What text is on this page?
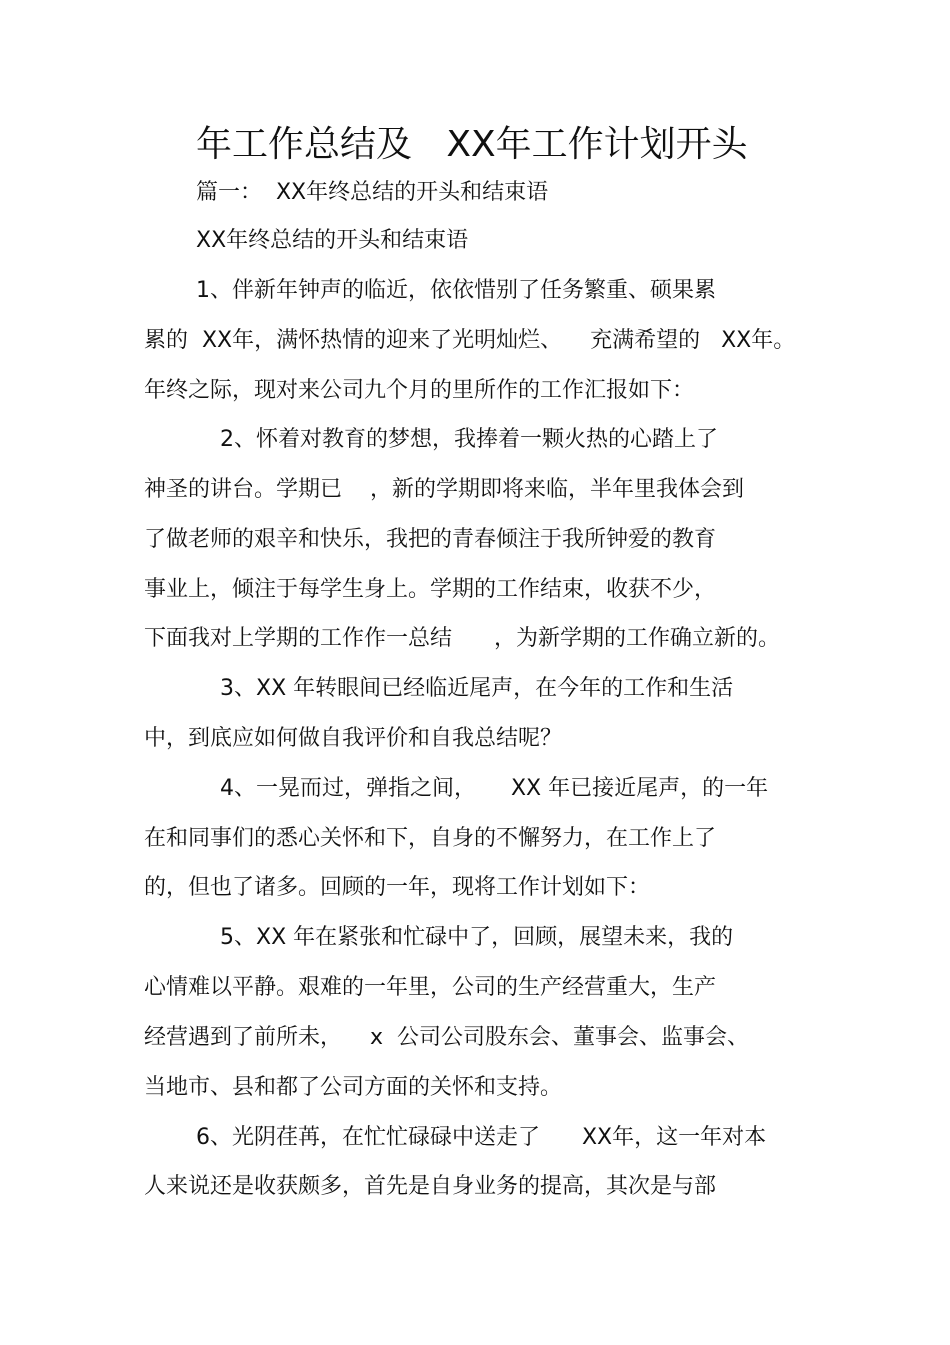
年工作总结及   XX年工作计划开头
篇一：  XX年终总结的开头和结束语
XX年终总结的开头和结束语
1、伴新年钟声的临近，依依惜别了任务繁重、硕果累
累的  XX年，满怀热情的迎来了光明灿烂、    充满希望的   XX年。
年终之际，现对来公司九个月的里所作的工作汇报如下：
2、怀着对教育的梦想，我捧着一颗火热的心踏上了
神圣的讲台。学期已    ，新的学期即将来临，半年里我体会到
了做老师的艰辛和快乐，我把的青春倾注于我所钟爱的教育
事业上，倾注于每学生身上。学期的工作结束，收获不少，
下面我对上学期的工作作一总结      ，为新学期的工作确立新的。
3、XX 年转眼间已经临近尾声，在今年的工作和生活
中，到底应如何做自我评价和自我总结呢？
4、一晃而过，弹指之间，     XX 年已接近尾声，的一年
在和同事们的悉心关怀和下，自身的不懈努力，在工作上了
的，但也了诸多。回顾的一年，现将工作计划如下：
5、XX 年在紧张和忙碌中了，回顾，展望未来，我的
心情难以平静。艰难的一年里，公司的生产经营重大，生产
经营遇到了前所未，    x  公司公司股东会、董事会、监事会、
当地市、县和都了公司方面的关怀和支持。
6、光阴荏苒，在忙忙碌碌中送走了      XX年，这一年对本
人来说还是收获颇多，首先是自身业务的提高，其次是与部
